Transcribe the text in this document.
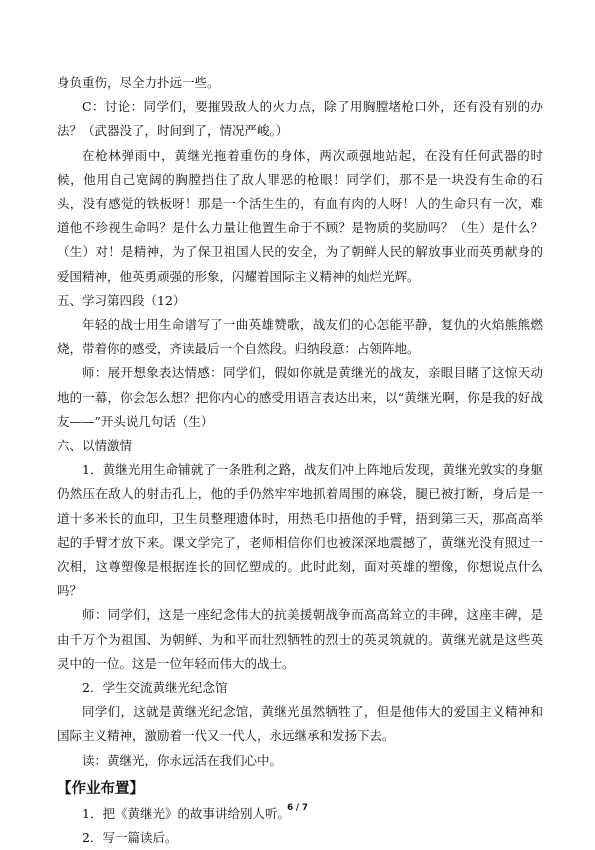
身负重伤，尽全力扑远一些。

C：讨论：同学们，要摧毁敌人的火力点，除了用胸膛堵枪口外，还有没有别的办法？（武器没了，时间到了，情况严峻。）

在枪林弹雨中，黄继光拖着重伤的身体，两次顽强地站起，在没有任何武器的时候，他用自己宽阔的胸膛挡住了敌人罪恶的枪眼！同学们，那不是一块没有生命的石头，没有感觉的铁板呀！那是一个活生生的，有血有肉的人呀！人的生命只有一次，难道他不珍视生命吗？是什么力量让他置生命于不顾？是物质的奖励吗？（生）是什么？（生）对！是精神，为了保卫祖国人民的安全，为了朝鲜人民的解放事业而英勇献身的爱国精神，他英勇顽强的形象，闪耀着国际主义精神的灿烂光辉。

五、学习第四段（12）

年轻的战士用生命谱写了一曲英雄赞歌，战友们的心怎能平静，复仇的火焰熊熊燃烧，带着你的感受，齐读最后一个自然段。归纳段意：占领阵地。

师：展开想象表达情感：同学们，假如你就是黄继光的战友，亲眼目睹了这惊天动地的一幕，你会怎么想？把你内心的感受用语言表达出来，以“黄继光啊，你是我的好战友——”开头说几句话（生）

六、以情激情

1．黄继光用生命铺就了一条胜利之路，战友们冲上阵地后发现，黄继光敦实的身躯仍然压在敌人的射击孔上，他的手仍然牢牢地抓着周围的麻袋，腿已被打断，身后是一道十多米长的血印，卫生员整理遗体时，用热毛巾捂他的手臂，捂到第三天，那高高举起的手臂才放下来。课文学完了，老师相信你们也被深深地震撼了，黄继光没有照过一次相，这尊塑像是根据连长的回忆塑成的。此时此刻，面对英雄的塑像，你想说点什么吗？

师：同学们，这是一座纪念伟大的抗美援朝战争而高高耸立的丰碑，这座丰碑，是由千万个为祖国、为朝鲜、为和平而壮烈牺牲的烈士的英灵筑就的。黄继光就是这些英灵中的一位。这是一位年轻而伟大的战士。

2．学生交流黄继光纪念馆

同学们，这就是黄继光纪念馆，黄继光虽然牺牲了，但是他伟大的爱国主义精神和国际主义精神，激励着一代又一代人，永远继承和发扬下去。

读：黄继光，你永远活在我们心中。

【作业布置】

1．把《黄继光》的故事讲给别人听。

2．写一篇读后。

6 / 7
